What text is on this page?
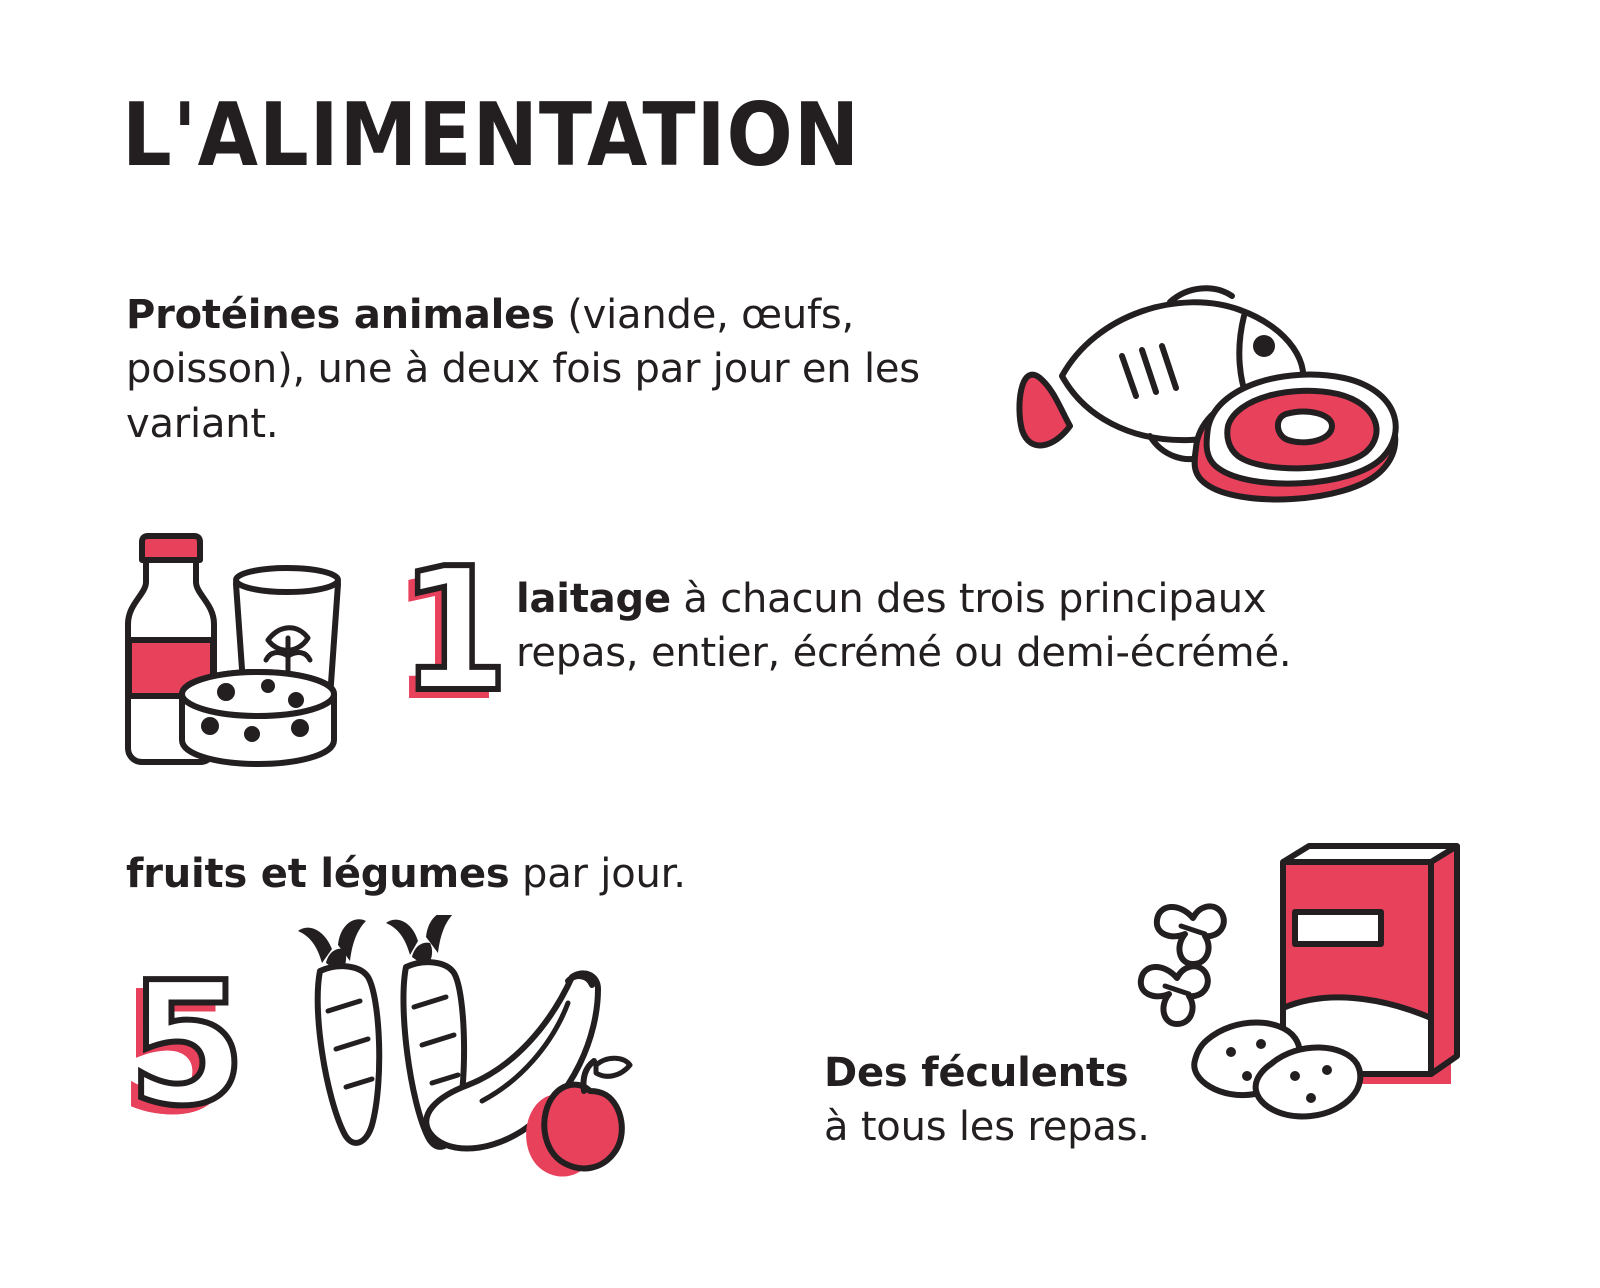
L'ALIMENTATION
Protéines animales (viande, œufs, poisson), une à deux fois par jour en les variant.
1 laitage à chacun des trois principaux repas, entier, écrémé ou demi-écrémé.
fruits et légumes par jour.
5	Des féculents
à tous les repas.
